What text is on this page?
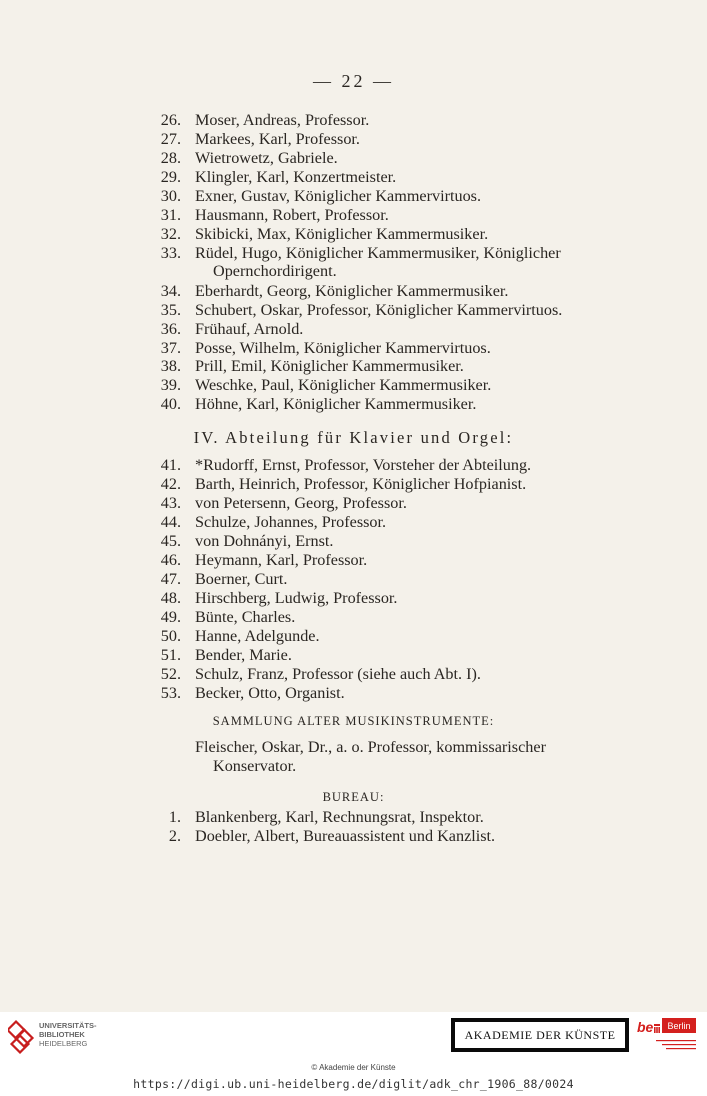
— 22 —
26. Moser, Andreas, Professor.
27. Markees, Karl, Professor.
28. Wietrowetz, Gabriele.
29. Klingler, Karl, Konzertmeister.
30. Exner, Gustav, Königlicher Kammervirtuos.
31. Hausmann, Robert, Professor.
32. Skibicki, Max, Königlicher Kammermusiker.
33. Rüdel, Hugo, Königlicher Kammermusiker, Königlicher
Opernchordirigent.
34. Eberhardt, Georg, Königlicher Kammermusiker.
35. Schubert, Oskar, Professor, Königlicher Kammervirtuos.
36. Frühauf, Arnold.
37. Posse, Wilhelm, Königlicher Kammervirtuos.
38. Prill, Emil, Königlicher Kammermusiker.
39. Weschke, Paul, Königlicher Kammermusiker.
40. Höhne, Karl, Königlicher Kammermusiker.
IV. Abteilung für Klavier und Orgel:
41. *Rudorff, Ernst, Professor, Vorsteher der Abteilung.
42. Barth, Heinrich, Professor, Königlicher Hofpianist.
43. von Petersenn, Georg, Professor.
44. Schulze, Johannes, Professor.
45. von Dohnányi, Ernst.
46. Heymann, Karl, Professor.
47. Boerner, Curt.
48. Hirschberg, Ludwig, Professor.
49. Bünte, Charles.
50. Hanne, Adelgunde.
51. Bender, Marie.
52. Schulz, Franz, Professor (siehe auch Abt. I).
53. Becker, Otto, Organist.
SAMMLUNG ALTER MUSIKINSTRUMENTE:
Fleischer, Oskar, Dr., a. o. Professor, kommissarischer
Konservator.
BUREAU:
1. Blankenberg, Karl, Rechnungsrat, Inspektor.
2. Doebler, Albert, Bureauassistent und Kanzlist.
UNIVERSITÄTS-
BIBLIOTHEK
HEIDELBERG
AKADEMIE DER KÜNSTE	be Berlin
© Akademie der Künste
https://digi.ub.uni-heidelberg.de/diglit/adk_chr_1906_88/0024
